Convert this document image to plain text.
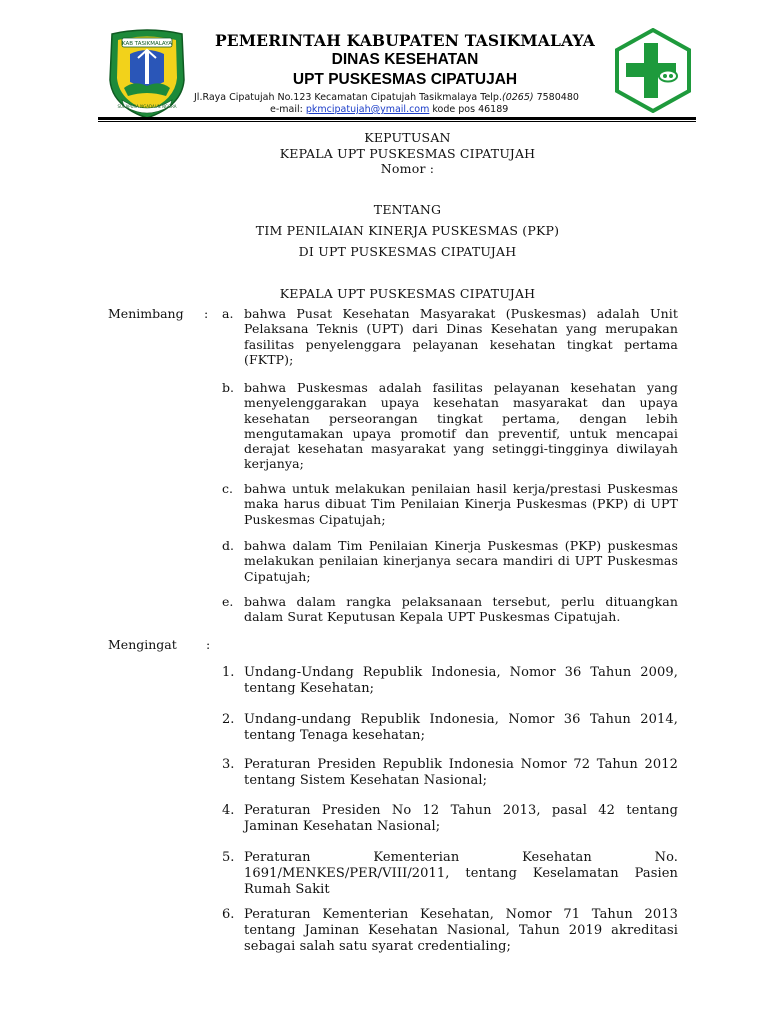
KAB TASIKMALAYA
SUKAPURA NGADAUN NGORA
PEMERINTAH KABUPATEN TASIKMALAYA
DINAS KESEHATAN
UPT PUSKESMAS CIPATUJAH
Jl.Raya Cipatujah No.123 Kecamatan Cipatujah Tasikmalaya Telp.(0265) 7580480
e-mail: pkmcipatujah@ymail.com kode pos 46189
KEPUTUSAN
KEPALA UPT PUSKESMAS CIPATUJAH
Nomor :
TENTANG
TIM PENILAIAN KINERJA PUSKESMAS (PKP)
DI UPT PUSKESMAS CIPATUJAH
KEPALA UPT PUSKESMAS CIPATUJAH
Menimbang : a. bahwa Pusat Kesehatan Masyarakat (Puskesmas) adalah Unit Pelaksana Teknis (UPT) dari Dinas Kesehatan yang merupakan fasilitas penyelenggara pelayanan kesehatan tingkat pertama (FKTP);
b. bahwa Puskesmas adalah fasilitas pelayanan kesehatan yang menyelenggarakan upaya kesehatan masyarakat dan upaya kesehatan perseorangan tingkat pertama, dengan lebih mengutamakan upaya promotif dan preventif, untuk mencapai derajat kesehatan masyarakat yang setinggi-tingginya diwilayah kerjanya;
c. bahwa untuk melakukan penilaian hasil kerja/prestasi Puskesmas maka harus dibuat Tim Penilaian Kinerja Puskesmas (PKP) di UPT Puskesmas Cipatujah;
d. bahwa dalam Tim Penilaian Kinerja Puskesmas (PKP) puskesmas melakukan penilaian kinerjanya secara mandiri di UPT Puskesmas Cipatujah;
e. bahwa dalam rangka pelaksanaan tersebut, perlu dituangkan dalam Surat Keputusan Kepala UPT Puskesmas Cipatujah.
Mengingat :
1. Undang-Undang Republik Indonesia, Nomor 36 Tahun 2009, tentang Kesehatan;
2. Undang-undang Republik Indonesia, Nomor 36 Tahun 2014, tentang Tenaga kesehatan;
3. Peraturan Presiden Republik Indonesia Nomor 72 Tahun 2012 tentang Sistem Kesehatan Nasional;
4. Peraturan Presiden No 12 Tahun 2013, pasal 42 tentang Jaminan Kesehatan Nasional;
5. Peraturan Kementerian Kesehatan No. 1691/MENKES/PER/VIII/2011, tentang Keselamatan Pasien Rumah Sakit
6. Peraturan Kementerian Kesehatan, Nomor 71 Tahun 2013 tentang Jaminan Kesehatan Nasional, Tahun 2019 akreditasi sebagai salah satu syarat credentialing;
